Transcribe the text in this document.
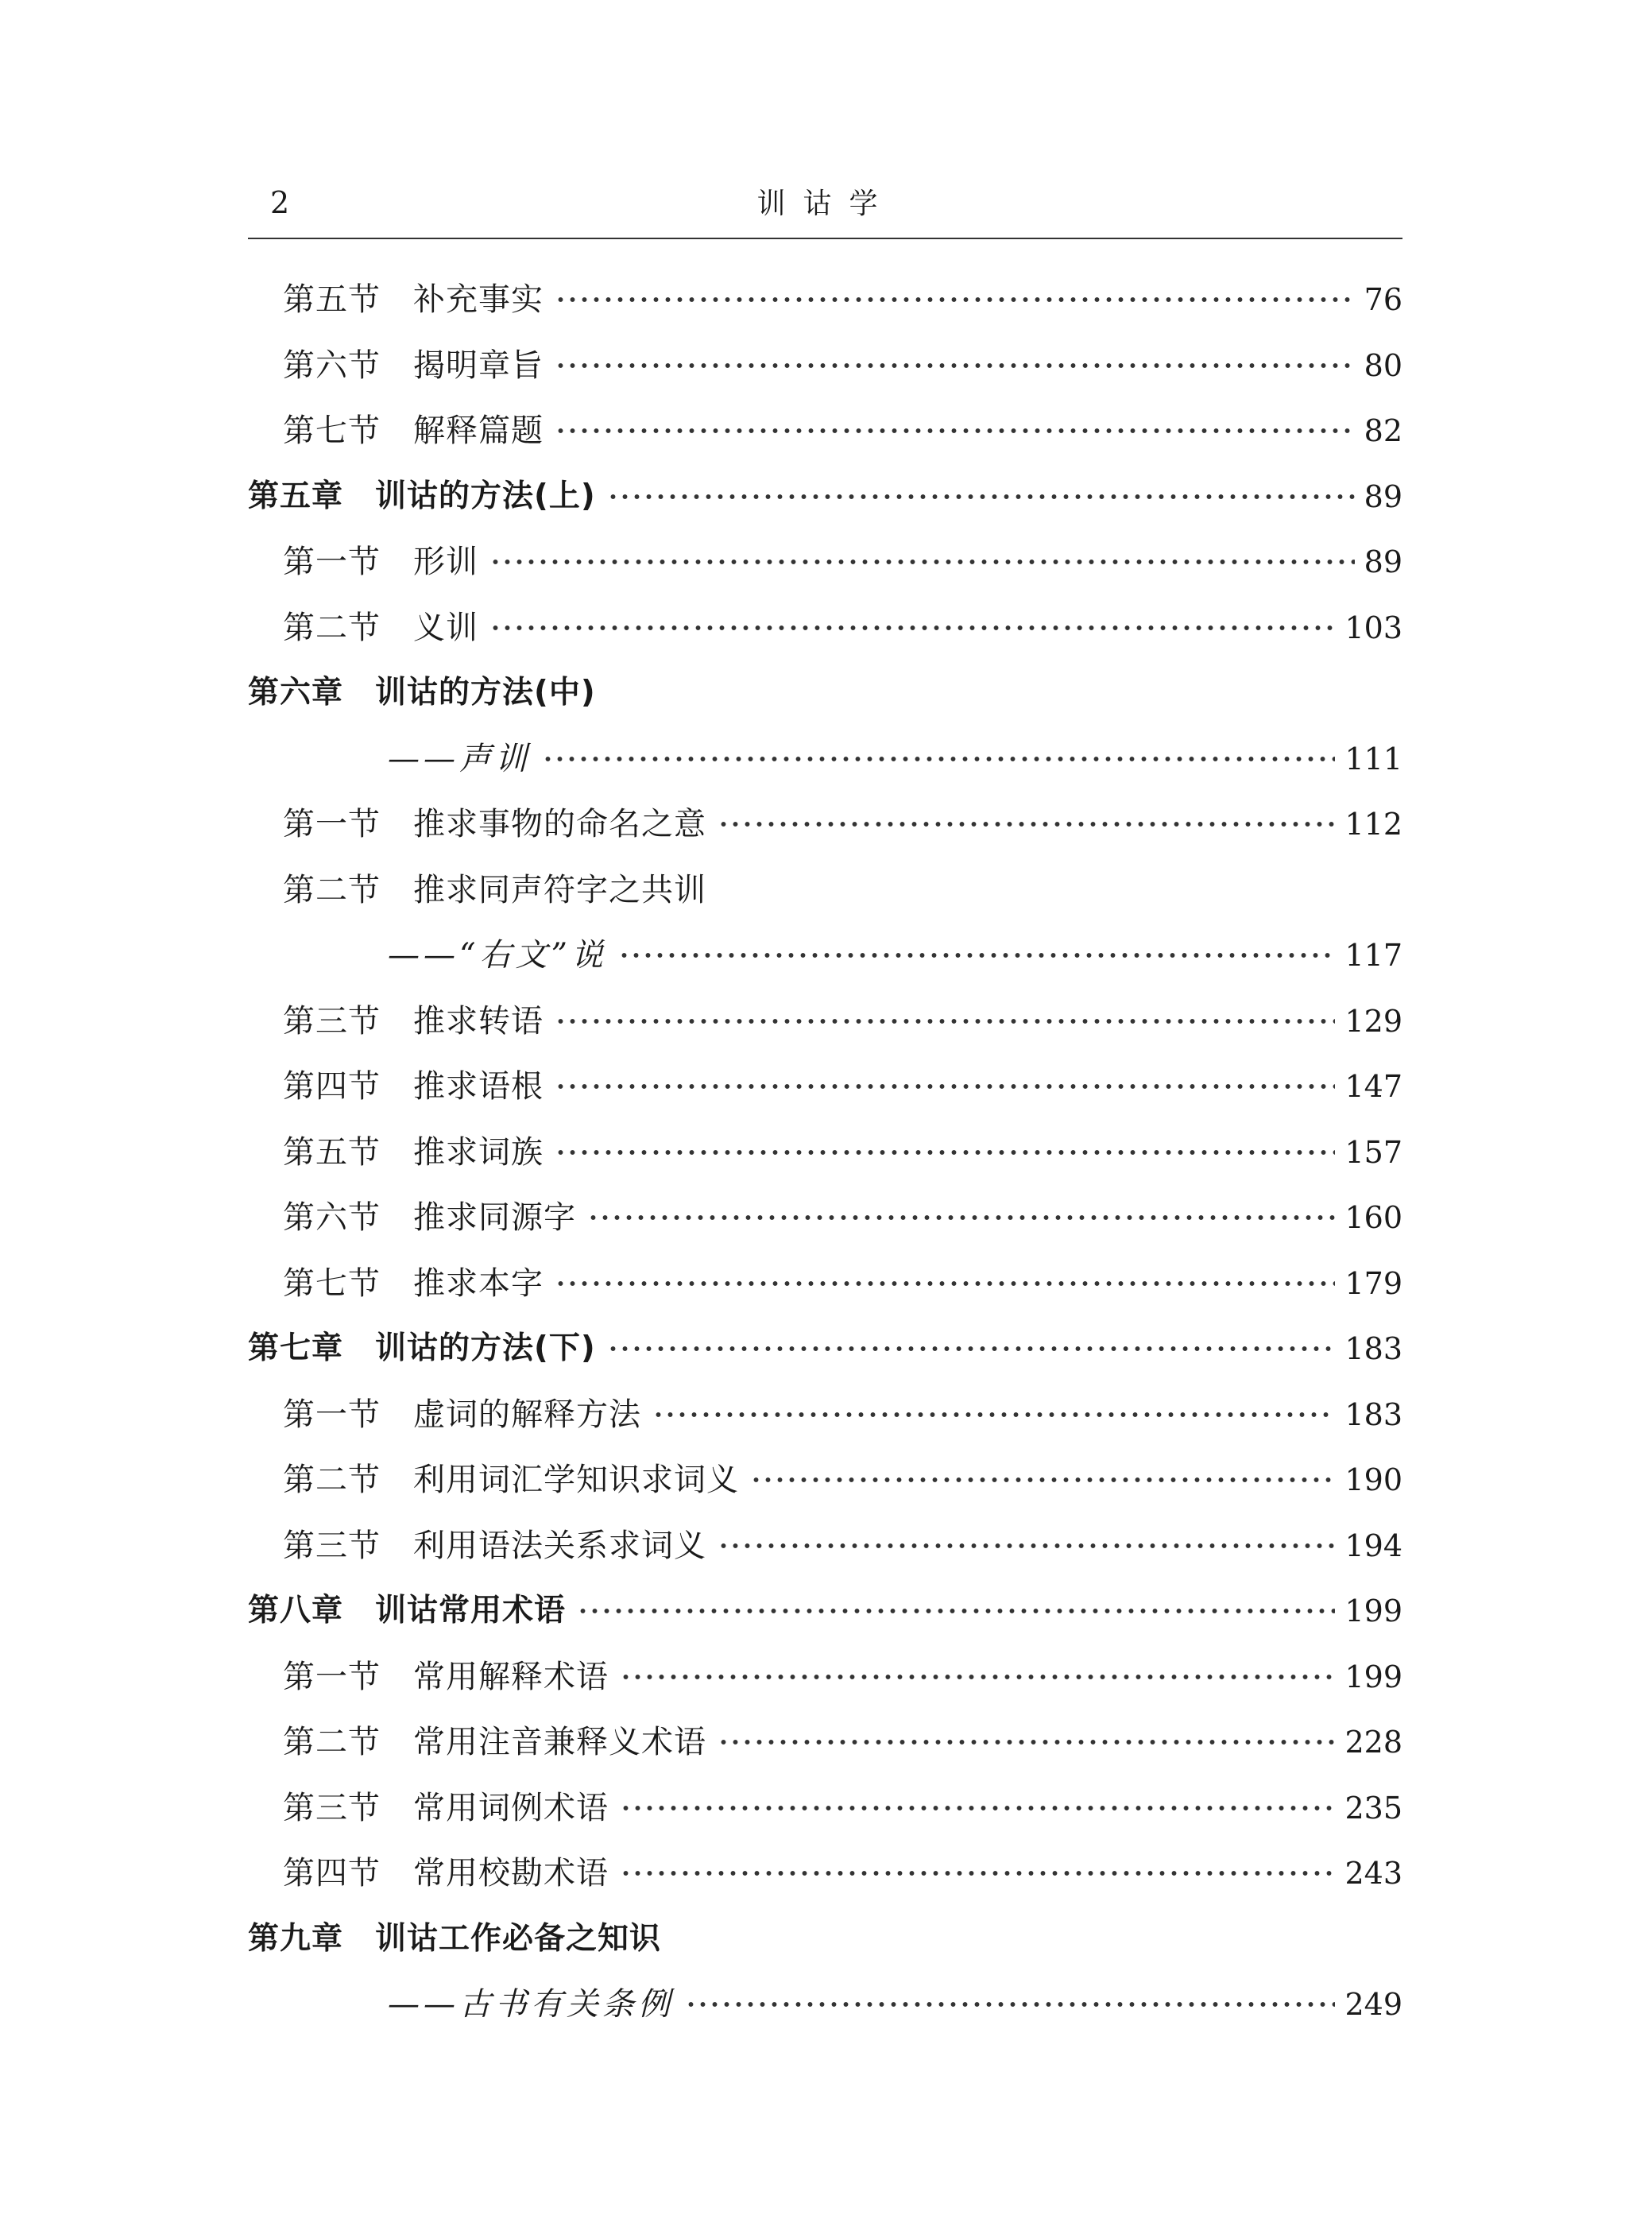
2	训诂学
第五节　补充事实	76
第六节　揭明章旨	80
第七节　解释篇题	82
第五章　训诂的方法(上)	89
第一节　形训	89
第二节　义训	103
第六章　训诂的方法(中)
——声训	111
第一节　推求事物的命名之意	112
第二节　推求同声符字之共训
——“右文”说	117
第三节　推求转语	129
第四节　推求语根	147
第五节　推求词族	157
第六节　推求同源字	160
第七节　推求本字	179
第七章　训诂的方法(下)	183
第一节　虚词的解释方法	183
第二节　利用词汇学知识求词义	190
第三节　利用语法关系求词义	194
第八章　训诂常用术语	199
第一节　常用解释术语	199
第二节　常用注音兼释义术语	228
第三节　常用词例术语	235
第四节　常用校勘术语	243
第九章　训诂工作必备之知识
——古书有关条例	249
